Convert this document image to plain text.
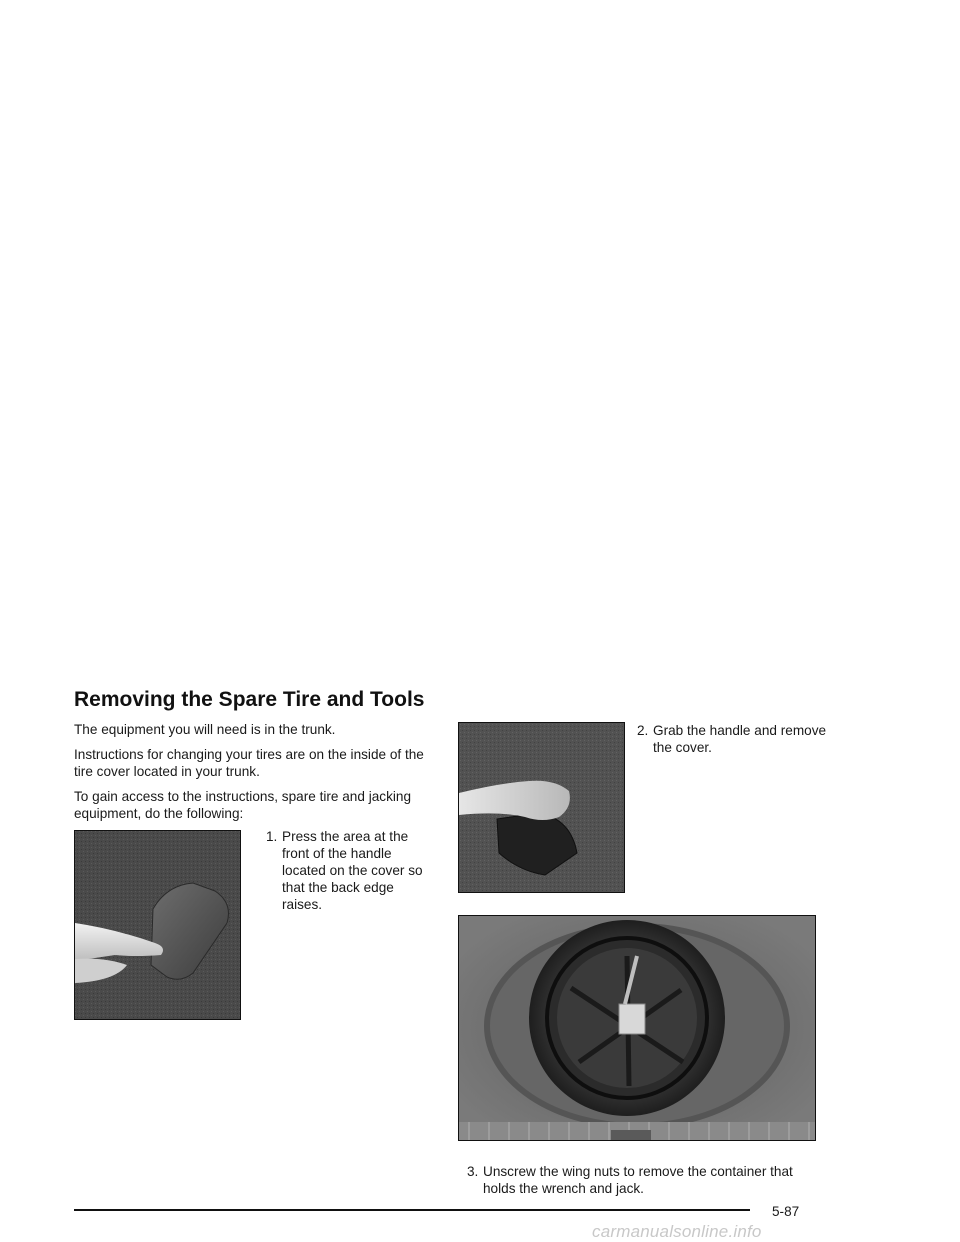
Removing the Spare Tire and Tools
The equipment you will need is in the trunk.
Instructions for changing your tires are on the inside of the tire cover located in your trunk.
To gain access to the instructions, spare tire and jacking equipment, do the following:
1. Press the area at the front of the handle located on the cover so that the back edge raises.
2. Grab the handle and remove the cover.
3. Unscrew the wing nuts to remove the container that holds the wrench and jack.
5-87
carmanualsonline.info
